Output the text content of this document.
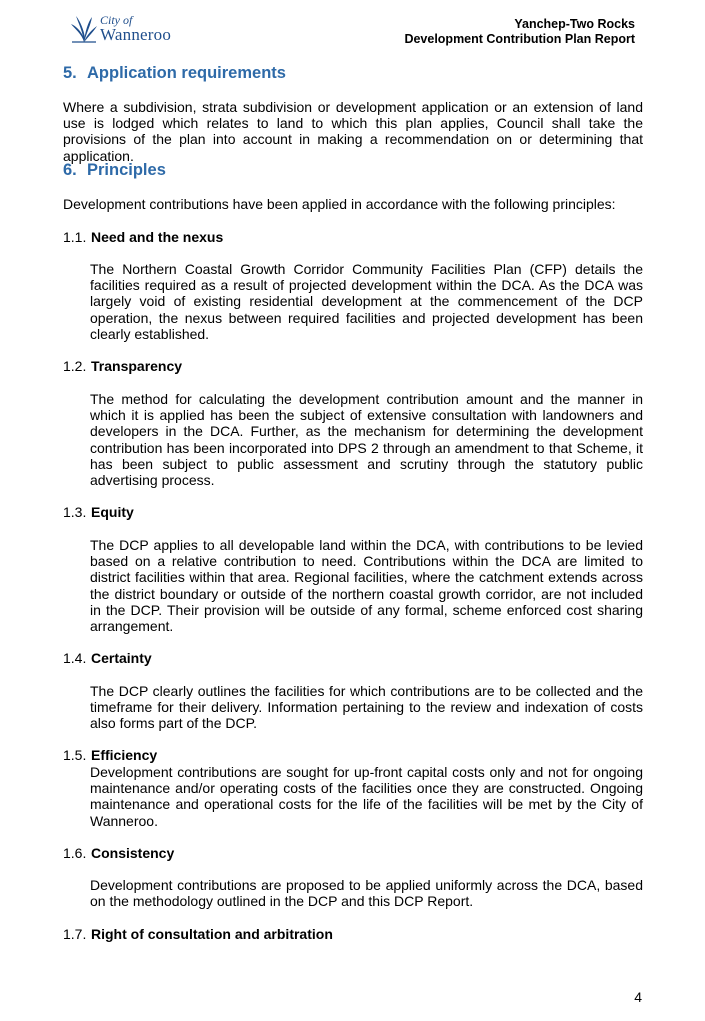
City of
Wanneroo
Yanchep-Two Rocks
Development Contribution Plan Report
5. Application requirements

Where a subdivision, strata subdivision or development application or an extension of land use is lodged which relates to land to which this plan applies, Council shall take the provisions of the plan into account in making a recommendation on or determining that application.

6. Principles

Development contributions have been applied in accordance with the following principles:

1.1. Need and the nexus

The Northern Coastal Growth Corridor Community Facilities Plan (CFP) details the facilities required as a result of projected development within the DCA. As the DCA was largely void of existing residential development at the commencement of the DCP operation, the nexus between required facilities and projected development has been clearly established.

1.2. Transparency

The method for calculating the development contribution amount and the manner in which it is applied has been the subject of extensive consultation with landowners and developers in the DCA. Further, as the mechanism for determining the development contribution has been incorporated into DPS 2 through an amendment to that Scheme, it has been subject to public assessment and scrutiny through the statutory public advertising process.

1.3. Equity

The DCP applies to all developable land within the DCA, with contributions to be levied based on a relative contribution to need. Contributions within the DCA are limited to district facilities within that area. Regional facilities, where the catchment extends across the district boundary or outside of the northern coastal growth corridor, are not included in the DCP. Their provision will be outside of any formal, scheme enforced cost sharing arrangement.

1.4. Certainty

The DCP clearly outlines the facilities for which contributions are to be collected and the timeframe for their delivery. Information pertaining to the review and indexation of costs also forms part of the DCP.

1.5. Efficiency

Development contributions are sought for up-front capital costs only and not for ongoing maintenance and/or operating costs of the facilities once they are constructed. Ongoing maintenance and operational costs for the life of the facilities will be met by the City of Wanneroo.

1.6. Consistency

Development contributions are proposed to be applied uniformly across the DCA, based on the methodology outlined in the DCP and this DCP Report.

1.7. Right of consultation and arbitration
4
